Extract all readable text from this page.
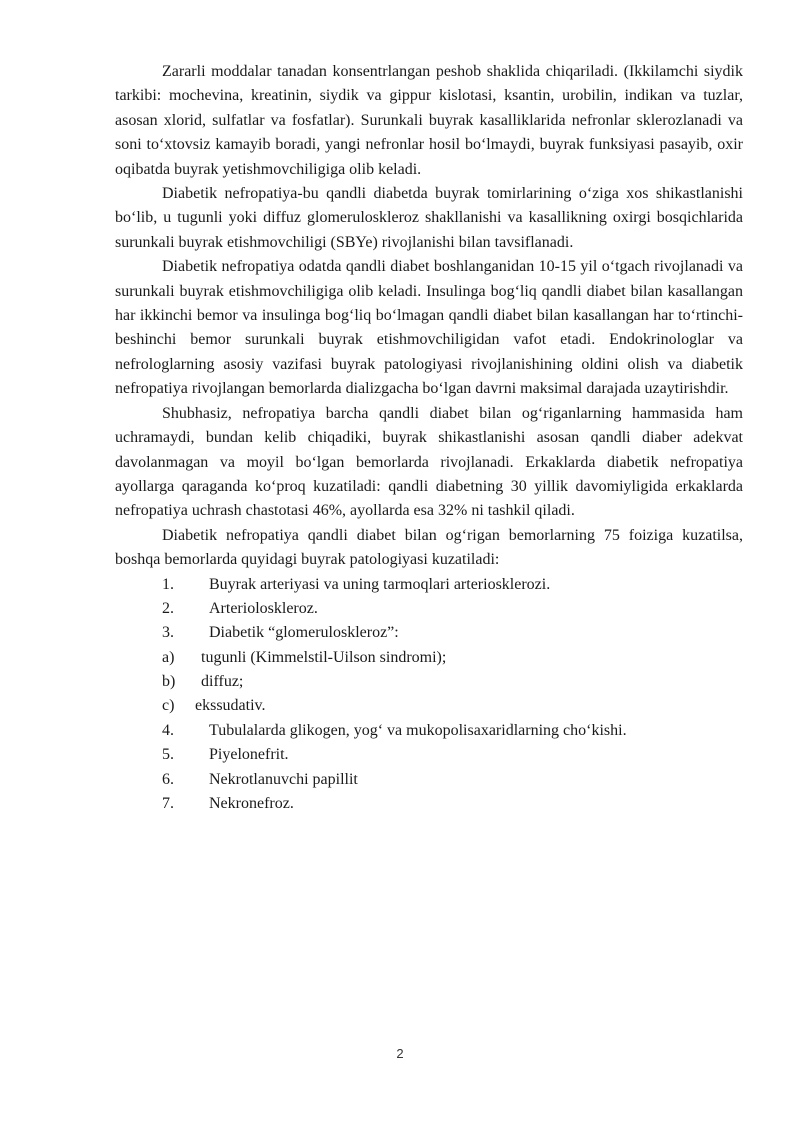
Zararli moddalar tanadan konsentrlangan peshob shaklida chiqariladi. (Ikkilamchi siydik tarkibi: mochevina, kreatinin, siydik va gippur kislotasi, ksantin, urobilin, indikan va tuzlar, asosan xlorid, sulfatlar va fosfatlar). Surunkali buyrak kasalliklarida nefronlar sklerozlanadi va soni to‘xtovsiz kamayib boradi, yangi nefronlar hosil bo‘lmaydi, buyrak funksiyasi pasayib, oxir oqibatda buyrak yetishmovchiligiga olib keladi.

Diabetik nefropatiya-bu qandli diabetda buyrak tomirlarining o‘ziga xos shikastlanishi bo‘lib, u tugunli yoki diffuz glomeruloskleroz shakllanishi va kasallikning oxirgi bosqichlarida surunkali buyrak etishmovchiligi (SBYe) rivojlanishi bilan tavsiflanadi.

Diabetik nefropatiya odatda qandli diabet boshlanganidan 10-15 yil o‘tgach rivojlanadi va surunkali buyrak etishmovchiligiga olib keladi. Insulinga bog‘liq qandli diabet bilan kasallangan har ikkinchi bemor va insulinga bog‘liq bo‘lmagan qandli diabet bilan kasallangan har to‘rtinchi-beshinchi bemor surunkali buyrak etishmovchiligidan vafot etadi. Endokrinologlar va nefrologlarning asosiy vazifasi buyrak patologiyasi rivojlanishining oldini olish va diabetik nefropatiya rivojlangan bemorlarda dializgacha bo‘lgan davrni maksimal darajada uzaytirishdir.

Shubhasiz, nefropatiya barcha qandli diabet bilan og‘riganlarning hammasida ham uchramaydi, bundan kelib chiqadiki, buyrak shikastlanishi asosan qandli diaber adekvat davolanmagan va moyil bo‘lgan bemorlarda rivojlanadi. Erkaklarda diabetik nefropatiya ayollarga qaraganda ko‘proq kuzatiladi: qandli diabetning 30 yillik davomiyligida erkaklarda nefropatiya uchrash chastotasi 46%, ayollarda esa 32% ni tashkil qiladi.

Diabetik nefropatiya qandli diabet bilan og‘rigan bemorlarning 75 foiziga kuzatilsa, boshqa bemorlarda quyidagi buyrak patologiyasi kuzatiladi:

1. Buyrak arteriyasi va uning tarmoqlari arteriosklerozi.
2. Arterioloskleroz.
3. Diabetik “glomeruloskleroz”:
a) tugunli (Kimmelstil-Uilson sindromi);
b) diffuz;
c) ekssudativ.
4. Tubulalarda glikogen, yog‘ va mukopolisaxaridlarning cho‘kishi.
5. Piyelonefrit.
6. Nekrotlanuvchi papillit
7. Nekronefroz.
2
